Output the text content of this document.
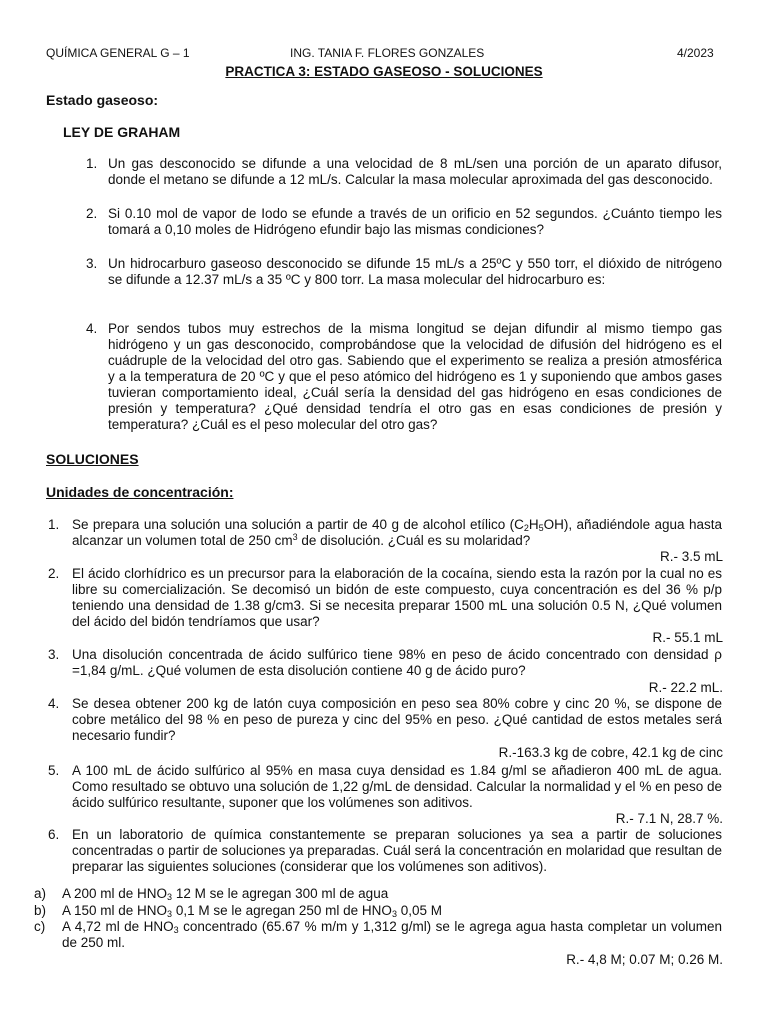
QUÍMICA GENERAL G – 1	ING. TANIA F. FLORES GONZALES	4/2023
PRACTICA 3: ESTADO GASEOSO - SOLUCIONES
Estado gaseoso:
LEY DE GRAHAM
1. Un gas desconocido se difunde a una velocidad de 8 mL/sen una porción de un aparato difusor, donde el metano se difunde a 12 mL/s. Calcular la masa molecular aproximada del gas desconocido.
2. Si 0.10 mol de vapor de Iodo se efunde a través de un orificio en 52 segundos. ¿Cuánto tiempo les tomará a 0,10 moles de Hidrógeno efundir bajo las mismas condiciones?
3. Un hidrocarburo gaseoso desconocido se difunde 15 mL/s a 25ºC y 550 torr, el dióxido de nitrógeno se difunde a 12.37 mL/s a 35 ºC y 800 torr. La masa molecular del hidrocarburo es:
4. Por sendos tubos muy estrechos de la misma longitud se dejan difundir al mismo tiempo gas hidrógeno y un gas desconocido, comprobándose que la velocidad de difusión del hidrógeno es el cuádruple de la velocidad del otro gas. Sabiendo que el experimento se realiza a presión atmosférica y a la temperatura de 20 ºC y que el peso atómico del hidrógeno es 1 y suponiendo que ambos gases tuvieran comportamiento ideal, ¿Cuál sería la densidad del gas hidrógeno en esas condiciones de presión y temperatura? ¿Qué densidad tendría el otro gas en esas condiciones de presión y temperatura? ¿Cuál es el peso molecular del otro gas?
SOLUCIONES
Unidades de concentración:
1. Se prepara una solución una solución a partir de 40 g de alcohol etílico $(C_2H_5OH)$, añadiéndole agua hasta alcanzar un volumen total de 250 $cm^3$ de disolución. ¿Cuál es su molaridad?
R.- 3.5 mL
2. El ácido clorhídrico es un precursor para la elaboración de la cocaína, siendo esta la razón por la cual no es libre su comercialización. Se decomisó un bidón de este compuesto, cuya concentración es del 36 % p/p teniendo una densidad de 1.38 g/cm3. Si se necesita preparar 1500 mL una solución 0.5 N, ¿Qué volumen del ácido del bidón tendríamos que usar?
R.- 55.1 mL
3. Una disolución concentrada de ácido sulfúrico tiene 98% en peso de ácido concentrado con densidad ρ =1,84 g/mL. ¿Qué volumen de esta disolución contiene 40 g de ácido puro?
R.- 22.2 mL.
4. Se desea obtener 200 kg de latón cuya composición en peso sea 80% cobre y cinc 20 %, se dispone de cobre metálico del 98 % en peso de pureza y cinc del 95% en peso. ¿Qué cantidad de estos metales será necesario fundir?
R.-163.3 kg de cobre, 42.1 kg de cinc
5. A 100 mL de ácido sulfúrico al 95% en masa cuya densidad es 1.84 g/ml se añadieron 400 mL de agua. Como resultado se obtuvo una solución de 1,22 g/mL de densidad. Calcular la normalidad y el % en peso de ácido sulfúrico resultante, suponer que los volúmenes son aditivos.
R.- 7.1 N, 28.7 %.
6. En un laboratorio de química constantemente se preparan soluciones ya sea a partir de soluciones concentradas o partir de soluciones ya preparadas. Cuál será la concentración en molaridad que resultan de preparar las siguientes soluciones (considerar que los volúmenes son aditivos).
a) A 200 ml de $HNO_3$ 12 M se le agregan 300 ml de agua
b) A 150 ml de $HNO_3$ 0,1 M se le agregan 250 ml de $HNO_3$ 0,05 M
c) A 4,72 ml de $HNO_3$ concentrado (65.67 % m/m y 1,312 g/ml) se le agrega agua hasta completar un volumen de 250 ml.
R.- 4,8 M; 0.07 M; 0.26 M.
